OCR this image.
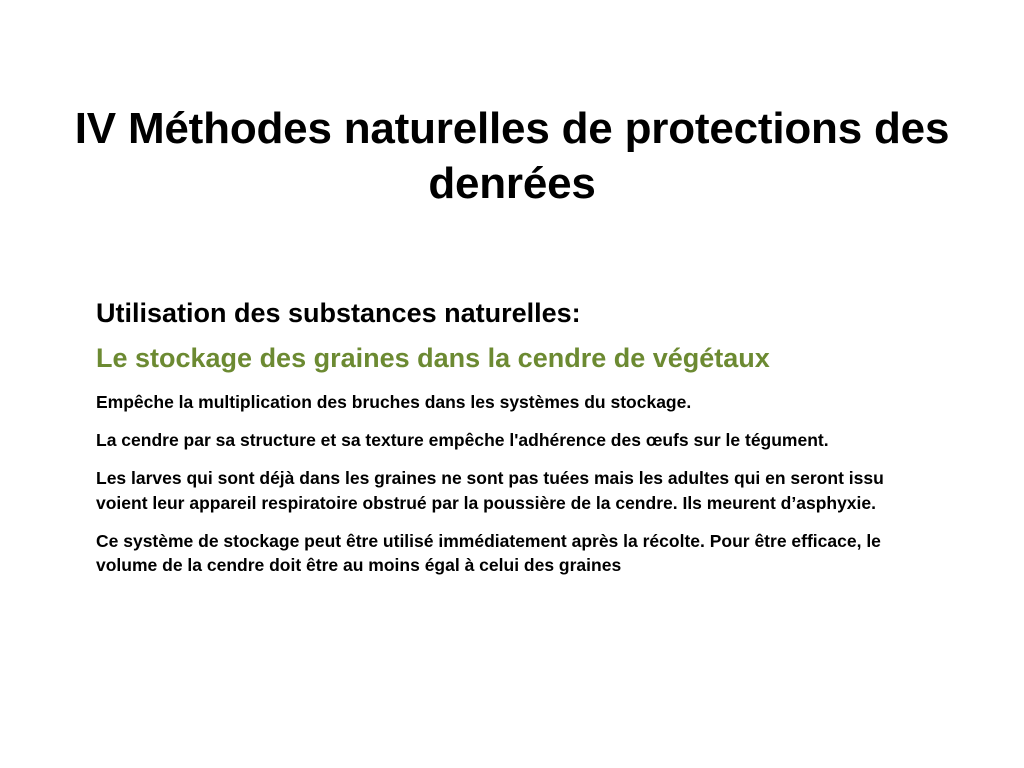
IV Méthodes naturelles de protections des denrées

Utilisation des substances naturelles:

Le stockage des graines dans la cendre de végétaux

Empêche la multiplication des bruches dans les systèmes du stockage.
La cendre par sa structure et sa texture empêche l'adhérence des œufs sur le tégument.
Les larves qui sont déjà dans les graines ne sont pas tuées mais les adultes qui en seront issu voient leur appareil respiratoire obstrué par la poussière de la cendre. Ils meurent d’asphyxie.
Ce système de stockage peut être utilisé immédiatement après la récolte. Pour être efficace, le volume de la cendre doit être au moins égal à celui des graines
